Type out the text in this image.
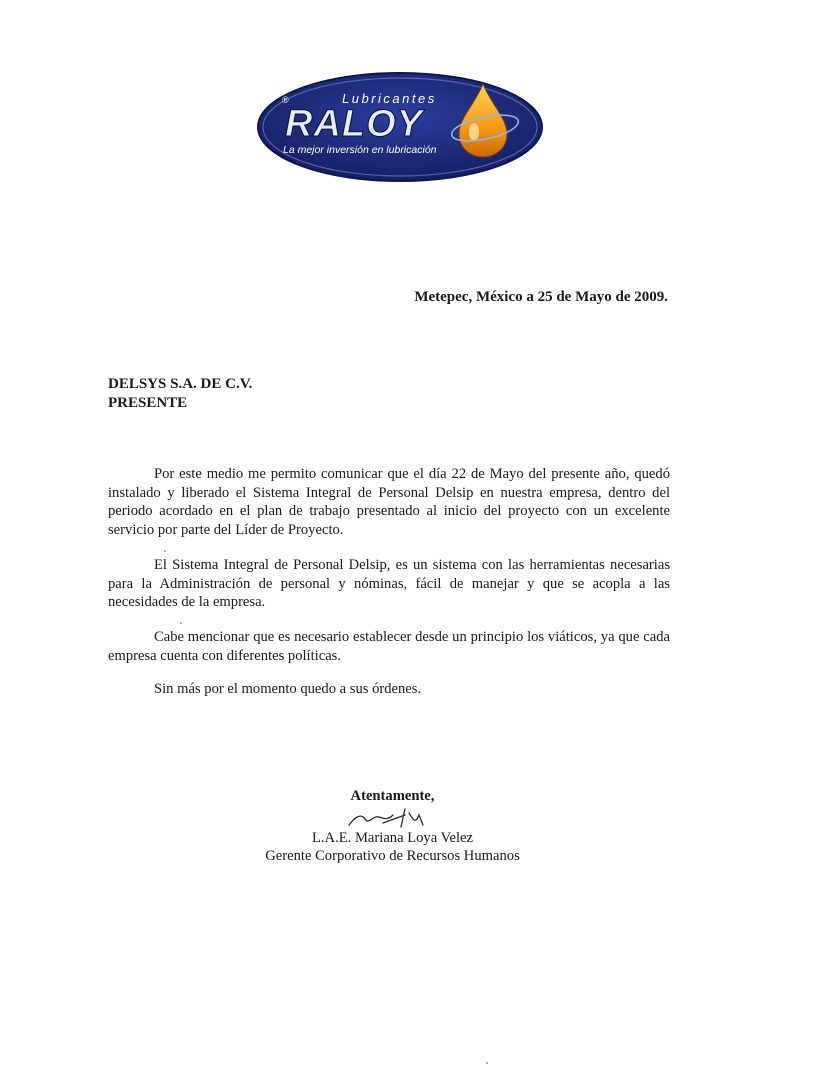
®	Lubricantes
RALOY
La mejor inversión en lubricación
Metepec, México a 25 de Mayo de 2009.
DELSYS S.A. DE C.V.
PRESENTE

Por este medio me permito comunicar que el día 22 de Mayo del presente año, quedó instalado y liberado el Sistema Integral de Personal Delsip en nuestra empresa, dentro del periodo acordado en el plan de trabajo presentado al inicio del proyecto con un excelente servicio por parte del Líder de Proyecto.

El Sistema Integral de Personal Delsip, es un sistema con las herramientas necesarias para la Administración de personal y nóminas, fácil de manejar y que se acopla a las necesidades de la empresa.

Cabe mencionar que es necesario establecer desde un principio los viáticos, ya que cada empresa cuenta con diferentes políticas.

Sin más por el momento quedo a sus órdenes.

Atentamente,
L.A.E. Mariana Loya Velez
Gerente Corporativo de Recursos Humanos
